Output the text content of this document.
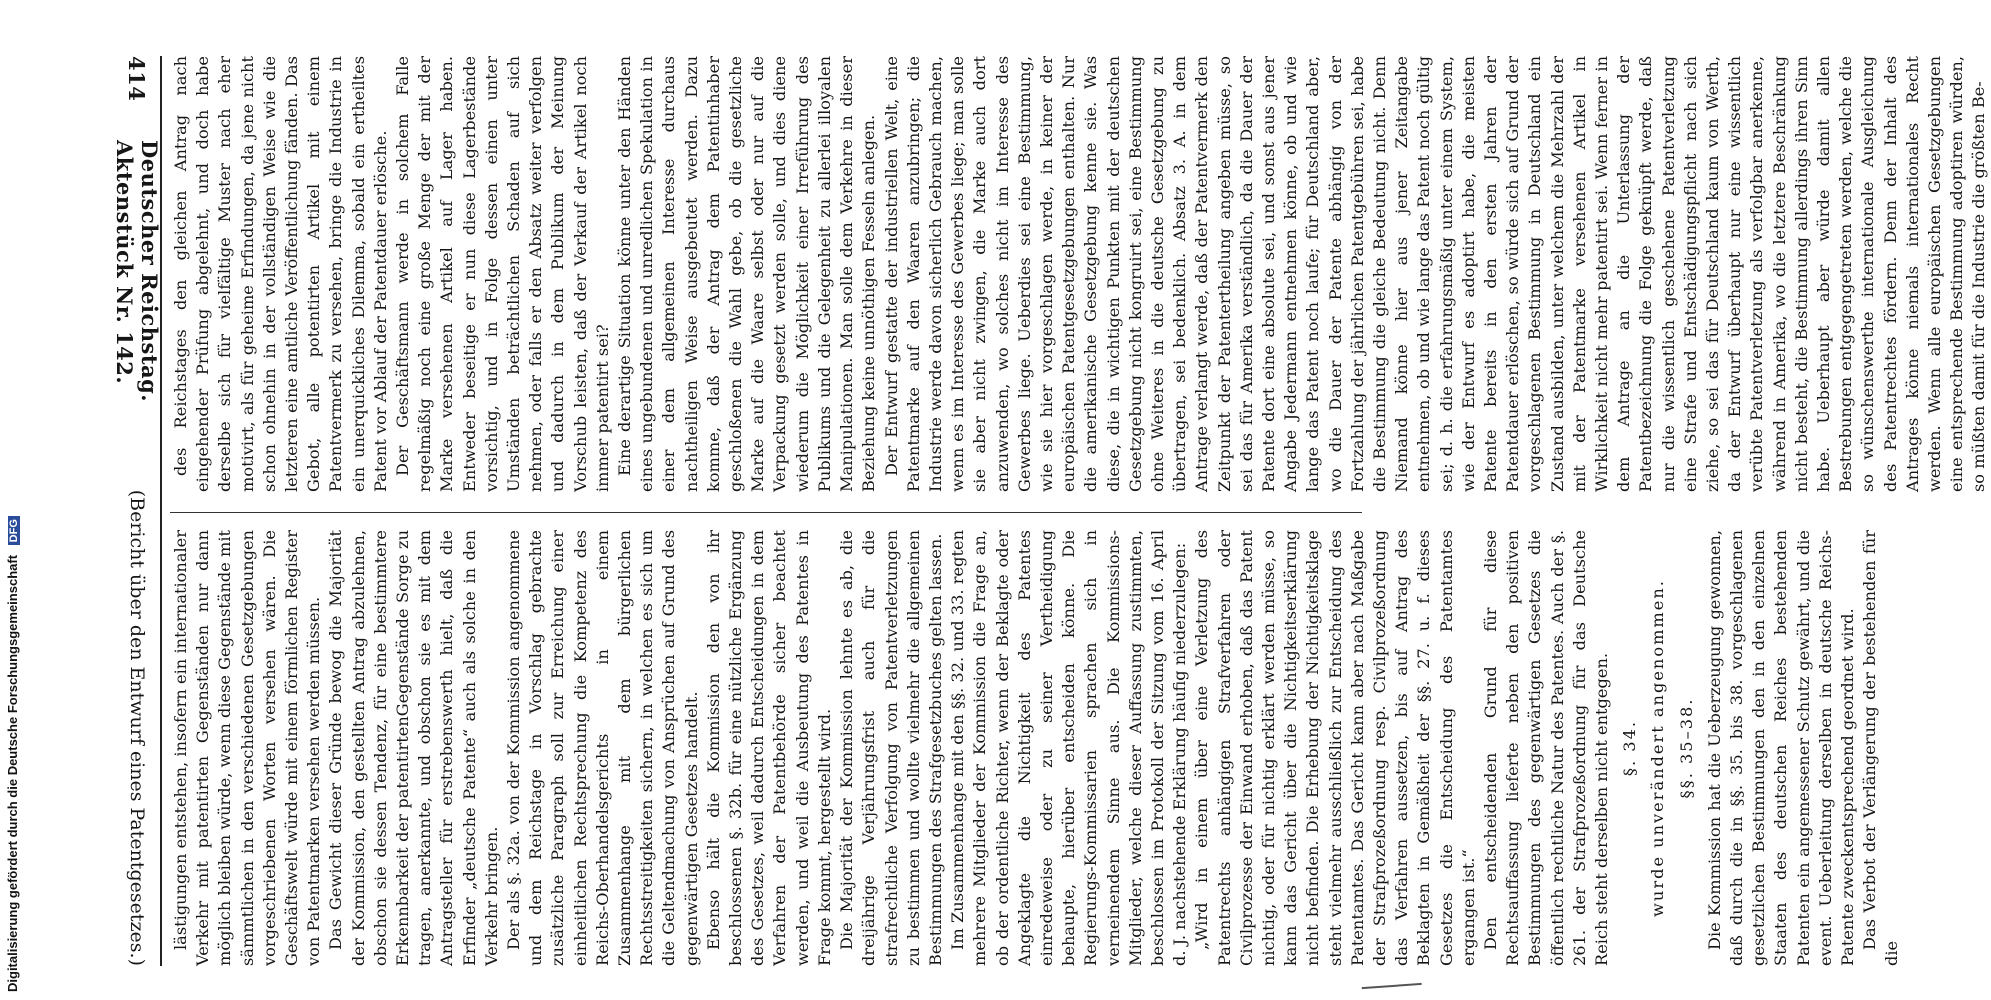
414
Deutscher Reichstag.      Aktenstück Nr. 142.
(Bericht über den Entwurf eines Patentgesetzes.)

des Reichstages den gleichen Antrag nach eingehender Prüfung abgelehnt, und doch habe derselbe sich für vielfältige Muster nach eher motivirt, als für geheime Erfindungen, da jene nicht schon ohnehin in der vollständigen Weise wie die letzteren eine amtliche Veröffentlichung fänden. Das Gebot, alle potentirten Artikel mit einem Patentvermerk zu versehen, bringe die Industrie in ein unerquickliches Dilemma, sobald ein ertheiltes Patent vor Ablauf der Patentdauer erlösche. Der Geschäftsmann werde in solchem Falle regelmäßig noch eine große Menge der mit der Marke versehenen Artikel auf Lager haben. Entweder beseitige er nun diese Lagerbestände vorsichtig, und in Folge dessen einen unter Umständen beträchtlichen Schaden auf sich nehmen, oder falls er den Absatz weiter verfolgen und dadurch in dem Publikum der Meinung Vorschub leisten, daß der Verkauf der Artikel noch immer patentirt sei? Eine derartige Situation könne unter den Händen eines ungebundenen und unredlichen Spekulation in einer dem allgemeinen Interesse durchaus nachtheiligen Weise ausgebeutet werden. Dazu komme, daß der Antrag dem Patentinhaber geschloßenen die Wahl gebe, ob die gesetzliche Marke auf die Waare selbst oder nur auf die Verpackung gesetzt werden solle, und dies diene wiederum die Möglichkeit einer Irreführung des Publikums und die Gelegenheit zu allerlei illoyalen Manipulationen. Man solle dem Verkehre in dieser Beziehung keine unnöthigen Fesseln anlegen. Der Entwurf gestatte der industriellen Welt, eine Patentmarke auf den Waaren anzubringen; die Industrie werde davon sicherlich Gebrauch machen, wenn es im Interesse des Gewerbes liege; man solle sie aber nicht zwingen, die Marke auch dort anzuwenden, wo solches nicht im Interesse des Gewerbes liege. Ueberdies sei eine Bestimmung, wie sie hier vorgeschlagen werde, in keiner der europäischen Patentgesetzgebungen enthalten. Nur die amerikanische Gesetzgebung kenne sie. Was diese, die in wichtigen Punkten mit der deutschen Gesetzgebung nicht kongruirt sei, eine Bestimmung ohne Weiteres in die deutsche Gesetzgebung zu übertragen, sei bedenklich. Absatz 3. A. in dem Antrage verlangt werde, daß der Patentvermerk den Zeitpunkt der Patentertheilung angeben müsse, so sei das für Amerika verständlich, da die Dauer der Patente dort eine absolute sei, und sonst aus jener Angabe Jedermann entnehmen könne, ob und wie lange das Patent noch laufe; für Deutschland aber, wo die Dauer der Patente abhängig von der Fortzahlung der jährlichen Patentgebühren sei, habe die Bestimmung die gleiche Bedeutung nicht. Denn Niemand könne hier aus jener Zeitangabe entnehmen, ob und wie lange das Patent noch gültig sei; d. h. die erfahrungsmäßig unter einem System, wie der Entwurf es adoptirt habe, die meisten Patente bereits in den ersten Jahren der Patentdauer erlöschen, so würde sich auf Grund der vorgeschlagenen Bestimmung in Deutschland ein Zustand ausbilden, unter welchem die Mehrzahl der mit der Patentmarke versehenen Artikel in Wirklichkeit nicht mehr patentirt sei. Wenn ferner in dem Antrage an die Unterlassung der Patentbezeichnung die Folge geknüpft werde, daß nur die wissentlich geschehene Patentverletzung eine Strafe und Entschädigungspflicht nach sich ziehe, so sei das für Deutschland kaum von Werth, da der Entwurf überhaupt nur eine wissentlich verübte Patentverletzung als verfolgbar anerkenne, während in Amerika, wo die letztere Beschränkung nicht besteht, die Bestimmung allerdings ihren Sinn habe. Ueberhaupt aber würde damit allen Bestrebungen entgegengetreten werden, welche die so wünschenswerthe internationale Ausgleichung des Patentrechtes fördern. Denn der Inhalt des Antrages könne niemals internationales Recht werden. Wenn alle europäischen Gesetzgebungen eine entsprechende Bestimmung adoptiren würden, so müßten damit für die Industrie die größten Be-

lästigungen entstehen, insofern ein internationaler Verkehr mit patentirten Gegenständen nur dann möglich bleiben würde, wenn diese Gegenstände mit sämmtlichen in den verschiedenen Gesetzgebungen vorgeschriebenen Worten versehen wären. Die Geschäftswelt würde mit einem förmlichen Register von Patentmarken versehen werden müssen. Das Gewicht dieser Gründe bewog die Majorität der Kommission, den gestellten Antrag abzulehnen, obschon sie dessen Tendenz, für eine bestimmtere Erkennbarkeit der patentirtenGegenstände Sorge zu tragen, anerkannte, und obschon sie es mit dem Antragsteller für erstrebenswerth hielt, daß die Erfinder „deutsche Patente“ auch als solche in den Verkehr bringen. Der als §. 32a. von der Kommission angenommene und dem Reichstage in Vorschlag gebrachte zusätzliche Paragraph soll zur Erreichung einer einheitlichen Rechtsprechung die Kompetenz des Reichs-Oberhandelsgerichts in einem Zusammenhange mit dem bürgerlichen Rechtsstreitigkeiten sichern, in welchen es sich um die Geltendmachung von Ansprüchen auf Grund des gegenwärtigen Gesetzes handelt. Ebenso hält die Kommission den von ihr beschlossenen §. 32b. für eine nützliche Ergänzung des Gesetzes, weil dadurch Entscheidungen in dem Verfahren der Patentbehörde sicher beachtet werden, und weil die Ausbeutung des Patentes in Frage kommt, hergestellt wird. Die Majorität der Kommission lehnte es ab, die dreijährige Verjährungsfrist auch für die strafrechtliche Verfolgung von Patentverletzungen zu bestimmen und wollte vielmehr die allgemeinen Bestimmungen des Strafgesetzbuches gelten lassen. Im Zusammenhange mit den §§. 32. und 33. regten mehrere Mitglieder der Kommission die Frage an, ob der ordentliche Richter, wenn der Beklagte oder Angeklagte die Nichtigkeit des Patentes einredeweise oder zu seiner Vertheidigung behaupte, hierüber entscheiden könne. Die Regierungs-Kommissarien sprachen sich in verneinendem Sinne aus. Die Kommissions-Mitglieder, welche dieser Auffassung zustimmten, beschlossen im Protokoll der Sitzung vom 16. April d. J. nachstehende Erklärung häufig niederzulegen: „Wird in einem über eine Verletzung des Patentrechts anhängigen Strafverfahren oder Civilprozesse der Einwand erhoben, daß das Patent nichtig, oder für nichtig erklärt werden müsse, so kann das Gericht über die Nichtigkeitserklärung nicht befinden. Die Erhebung der Nichtigkeitsklage steht vielmehr ausschließlich zur Entscheidung des Patentamtes. Das Gericht kann aber nach Maßgabe der Strafprozeßordnung resp. Civilprozeßordnung das Verfahren aussetzen, bis auf Antrag des Beklagten in Gemäßheit der §§. 27. u. f. dieses Gesetzes die Entscheidung des Patentamtes ergangen ist.“ Den entscheidenden Grund für diese Rechtsauffassung lieferte neben den positiven Bestimmungen des gegenwärtigen Gesetzes die öffentlich rechtliche Natur des Patentes. Auch der §. 261. der Strafprozeßordnung für das Deutsche Reich steht derselben nicht entgegen. §. 34. wurde unverändert angenommen. §§. 35–38. Die Kommission hat die Ueberzeugung gewonnen, daß durch die in §§. 35. bis 38. vorgeschlagenen gesetzlichen Bestimmungen den in den einzelnen Staaten des deutschen Reiches bestehenden Patenten ein angemessener Schutz gewährt, und die event. Ueberleitung derselben in deutsche Reichs-Patente zweckentsprechend geordnet wird. Das Verbot der Verlängerung der bestehenden für die

Digitalisierung gefördert durch die Deutsche Forschungsgemeinschaft DFG
